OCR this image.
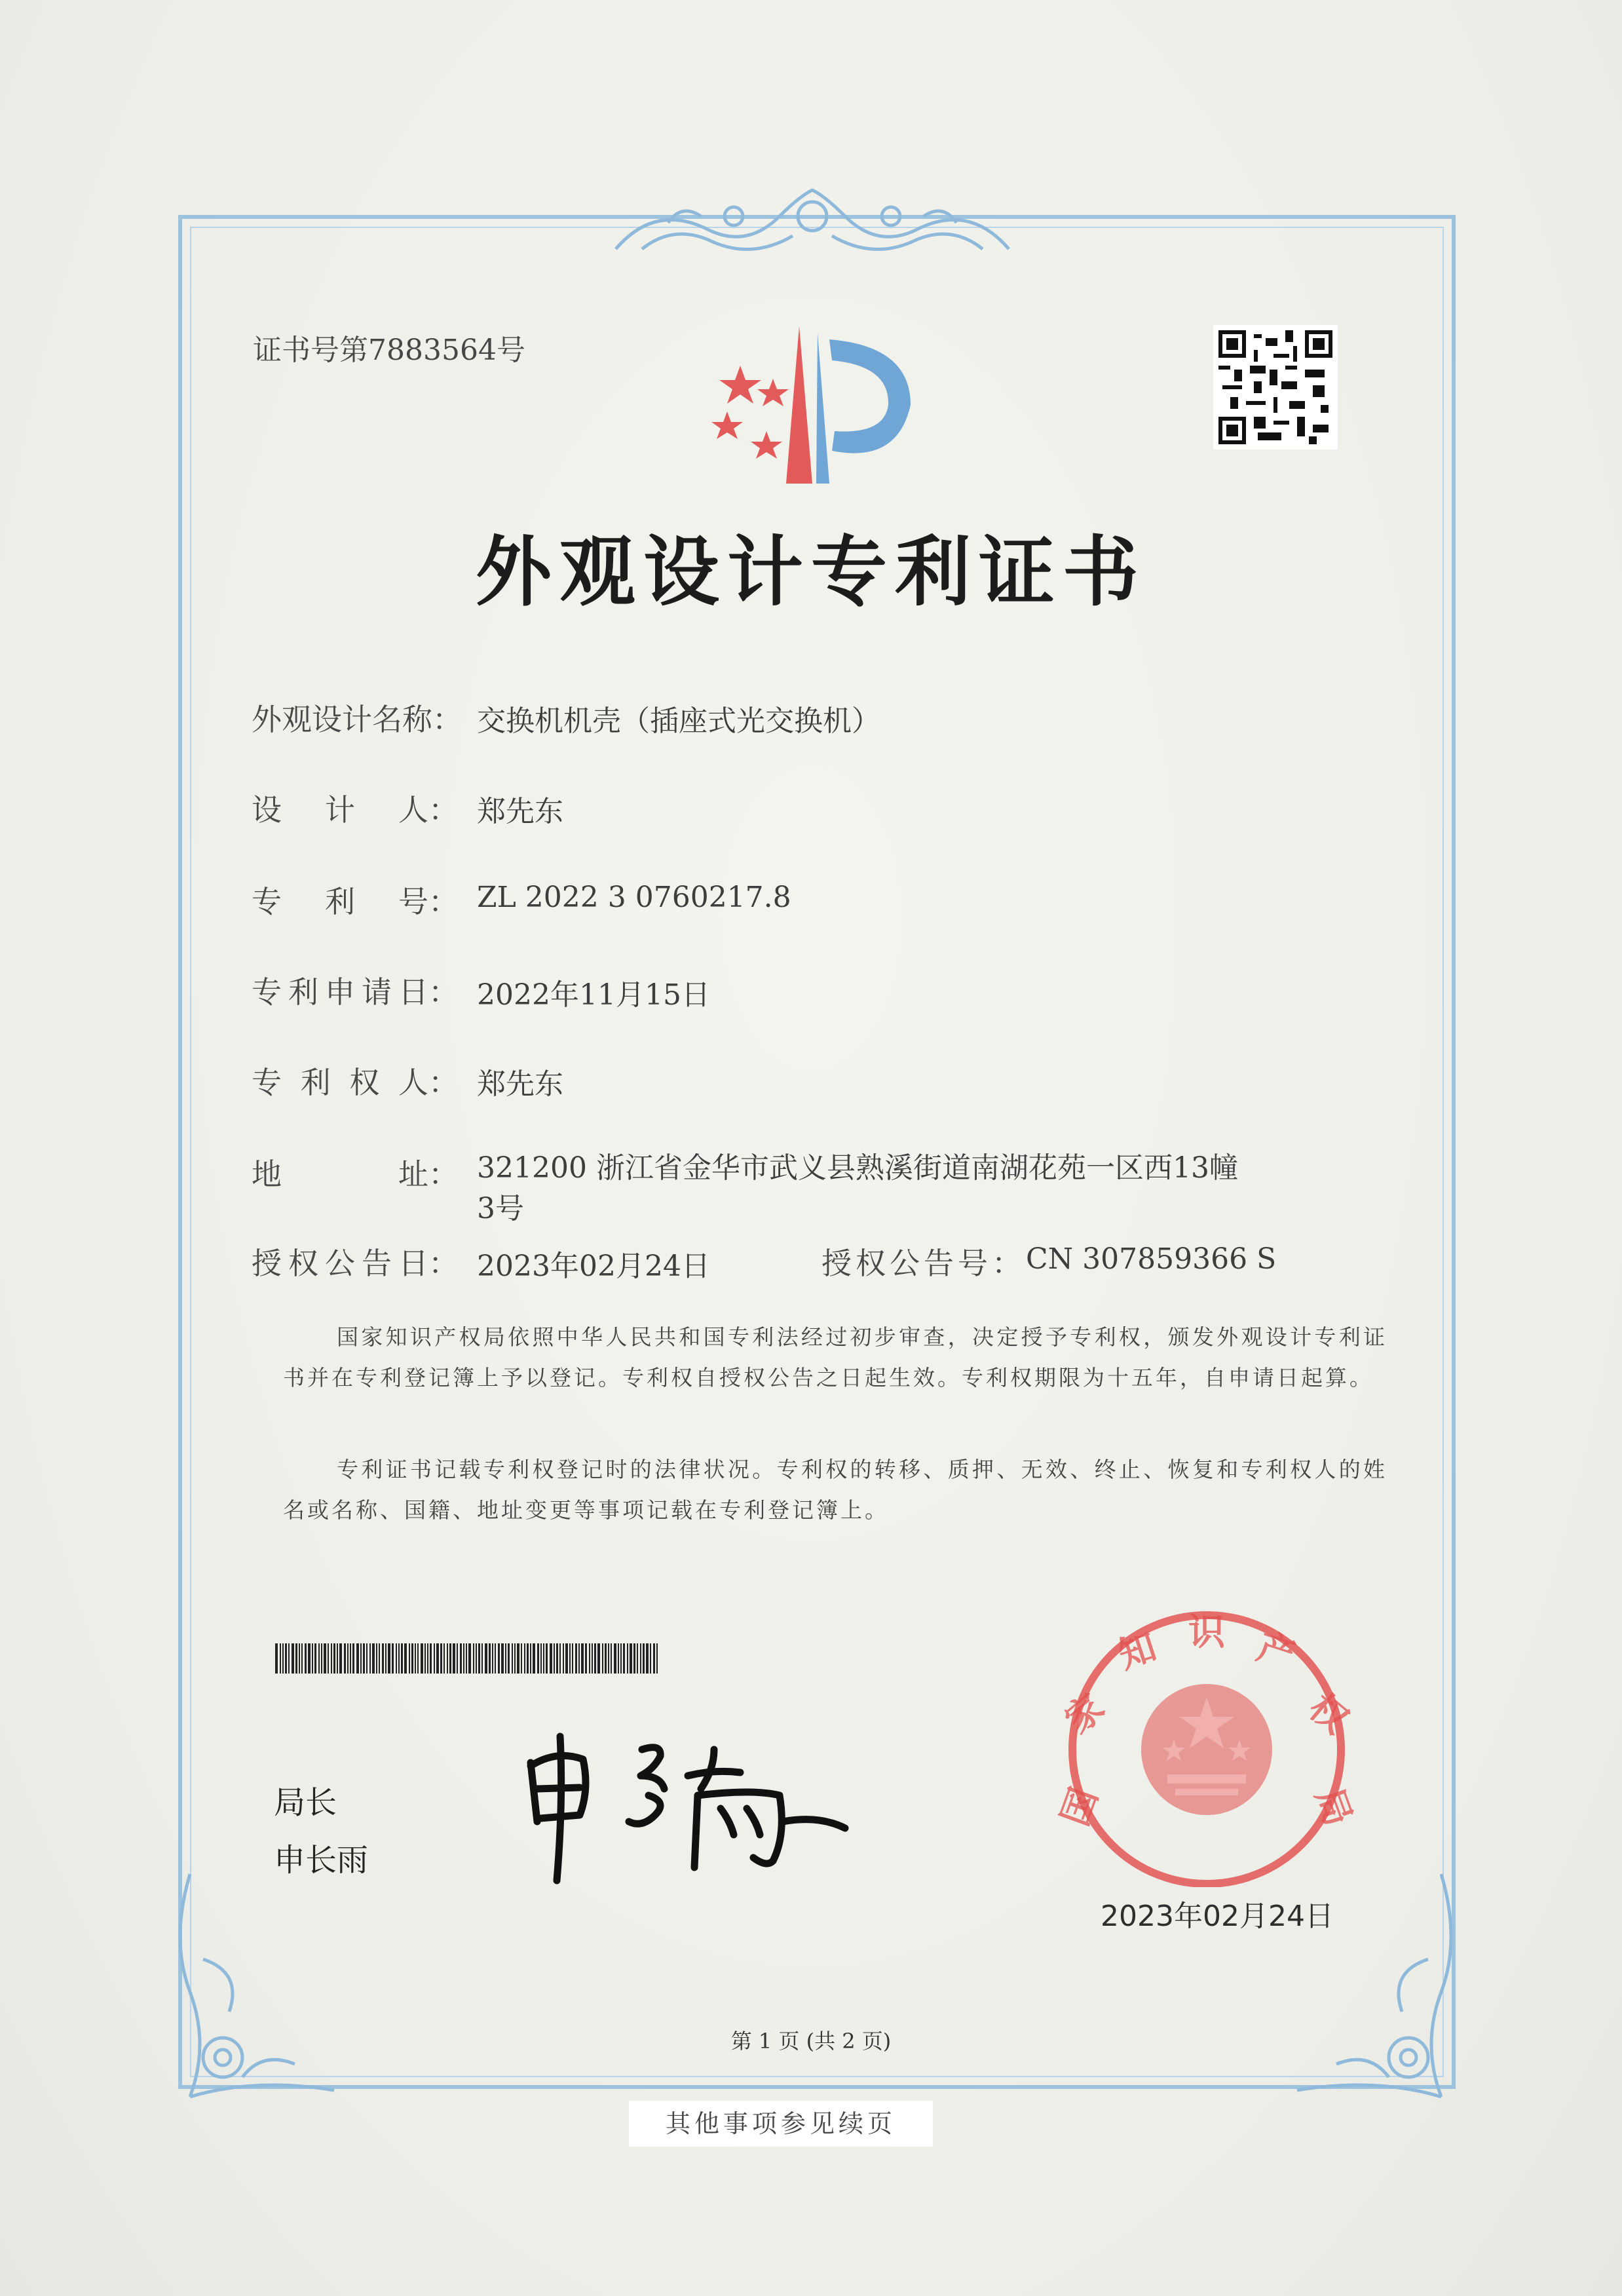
证书号第7883564号
外观设计专利证书
外 观 设 计 名 称： 交换机机壳（插座式光交换机）
设 计 人： 郑先东
专 利 号： ZL 2022 3 0760217.8
专 利 申 请 日： 2022年11月15日
专 利 权 人： 郑先东
地	址： 321200 浙江省金华市武义县熟溪街道南湖花苑一区西13幢3号
授 权 公 告 日： 2023年02月24日	授权公告号： CN 307859366 S
国家知识产权局依照中华人民共和国专利法经过初步审查，决定授予专利权，颁发外观设计专利证书并在专利登记簿上予以登记。专利权自授权公告之日起生效。专利权期限为十五年，自申请日起算。
专利证书记载专利权登记时的法律状况。专利权的转移、质押、无效、终止、恢复和专利权人的姓名或名称、国籍、地址变更等事项记载在专利登记簿上。
局长
申长雨
国
家
知 识 产
权
局
2023年02月24日
第 1 页 (共 2 页)
其他事项参见续页
